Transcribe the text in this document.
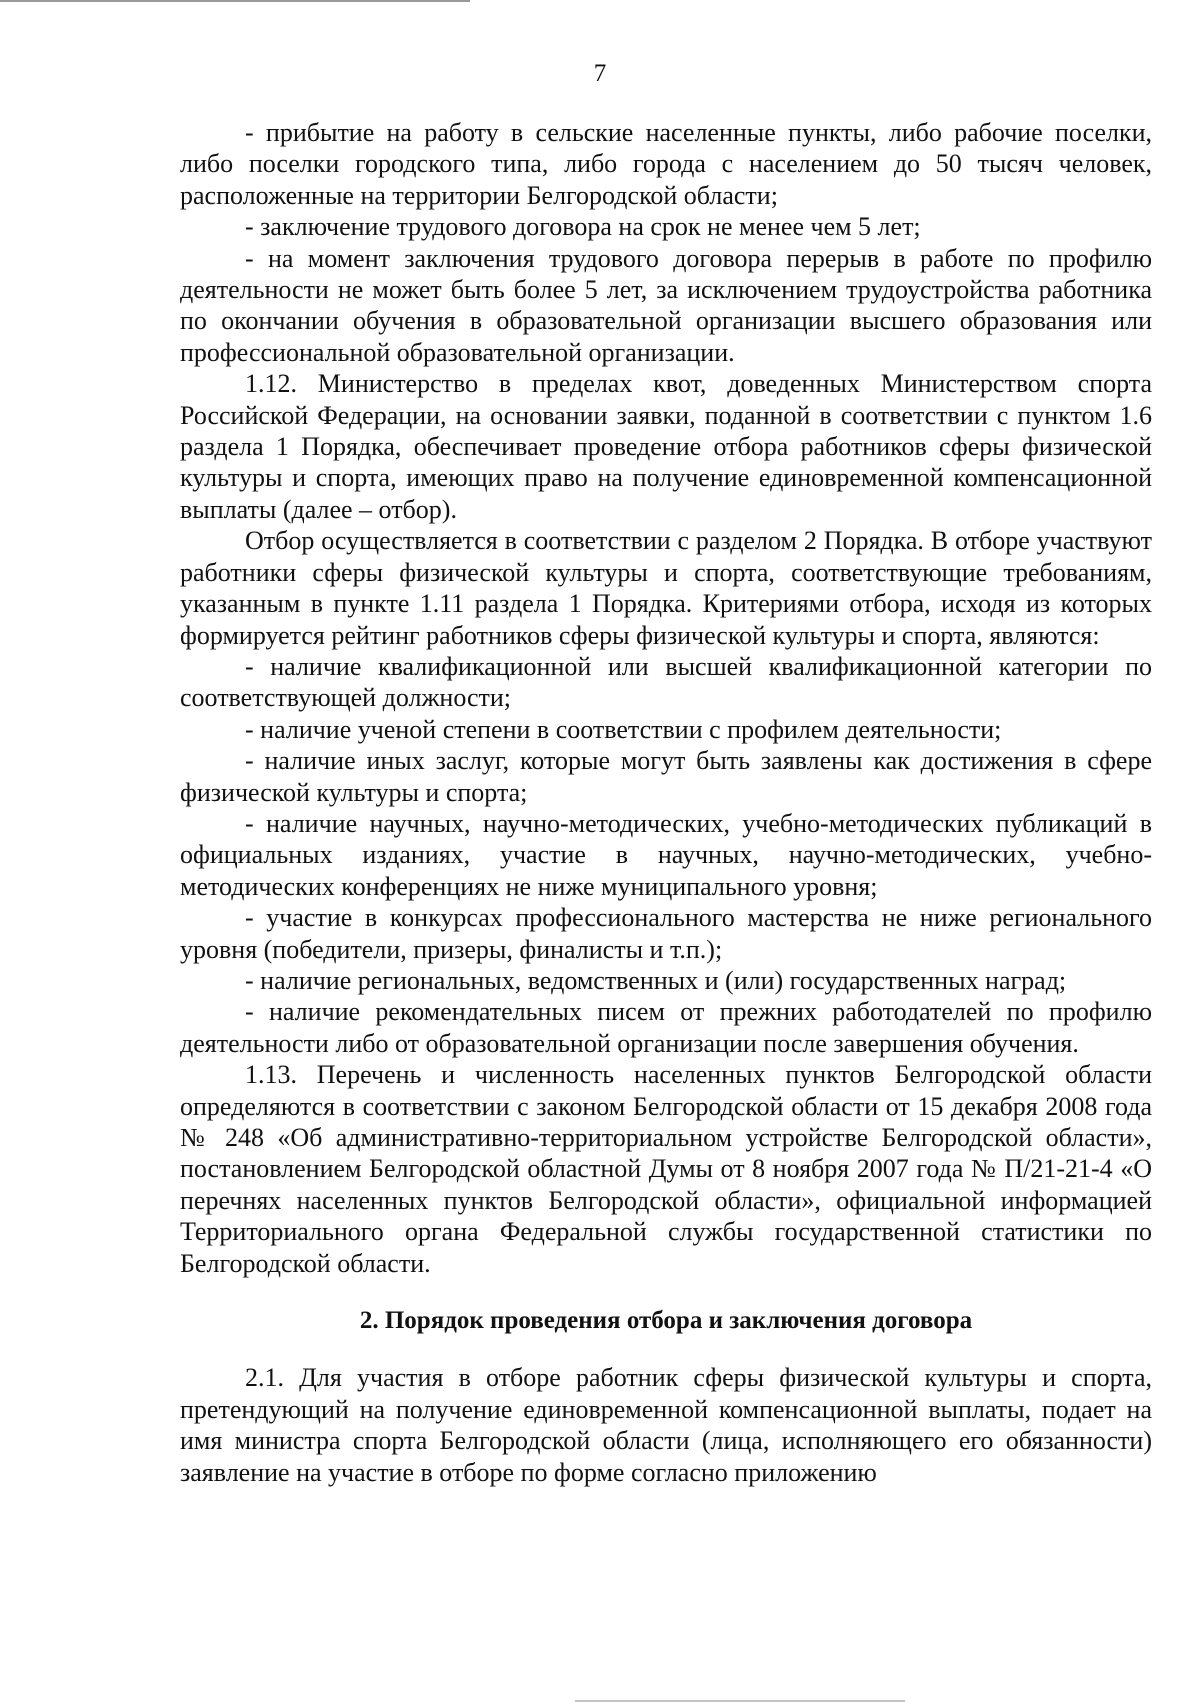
7

- прибытие на работу в сельские населенные пункты, либо рабочие поселки, либо поселки городского типа, либо города с населением до 50 тысяч человек, расположенные на территории Белгородской области;

- заключение трудового договора на срок не менее чем 5 лет;

- на момент заключения трудового договора перерыв в работе по профилю деятельности не может быть более 5 лет, за исключением трудоустройства работника по окончании обучения в образовательной организации высшего образования или профессиональной образовательной организации.

1.12. Министерство в пределах квот, доведенных Министерством спорта Российской Федерации, на основании заявки, поданной в соответствии с пунктом 1.6 раздела 1 Порядка, обеспечивает проведение отбора работников сферы физической культуры и спорта, имеющих право на получение единовременной компенсационной выплаты (далее – отбор).

Отбор осуществляется в соответствии с разделом 2 Порядка. В отборе участвуют работники сферы физической культуры и спорта, соответствующие требованиям, указанным в пункте 1.11 раздела 1 Порядка. Критериями отбора, исходя из которых формируется рейтинг работников сферы физической культуры и спорта, являются:

- наличие квалификационной или высшей квалификационной категории по соответствующей должности;

- наличие ученой степени в соответствии с профилем деятельности;

- наличие иных заслуг, которые могут быть заявлены как достижения в сфере физической культуры и спорта;

- наличие научных, научно-методических, учебно-методических публикаций в официальных изданиях, участие в научных, научно-методических, учебно-методических конференциях не ниже муниципального уровня;

- участие в конкурсах профессионального мастерства не ниже регионального уровня (победители, призеры, финалисты и т.п.);

- наличие региональных, ведомственных и (или) государственных наград;

- наличие рекомендательных писем от прежних работодателей по профилю деятельности либо от образовательной организации после завершения обучения.

1.13. Перечень и численность населенных пунктов Белгородской области определяются в соответствии с законом Белгородской области от 15 декабря 2008 года № 248 «Об административно-территориальном устройстве Белгородской области», постановлением Белгородской областной Думы от 8 ноября 2007 года № П/21-21-4 «О перечнях населенных пунктов Белгородской области», официальной информацией Территориального органа Федеральной службы государственной статистики по Белгородской области.

2. Порядок проведения отбора и заключения договора

2.1. Для участия в отборе работник сферы физической культуры и спорта, претендующий на получение единовременной компенсационной выплаты, подает на имя министра спорта Белгородской области (лица, исполняющего его обязанности) заявление на участие в отборе по форме согласно приложению
